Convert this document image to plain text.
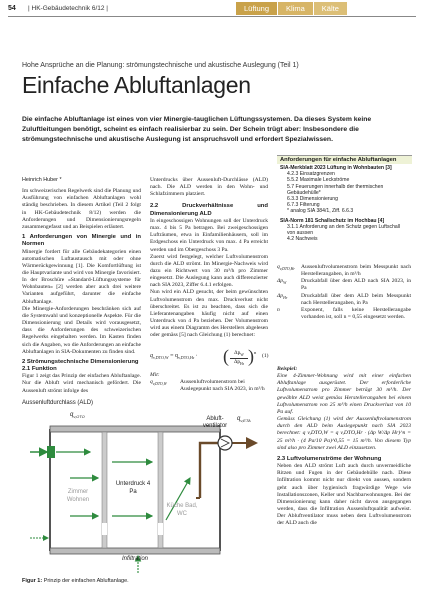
54 | HK-Gebäudetechnik 6/12 |	Lüftung	Klima	Kälte
Hohe Ansprüche an die Planung: strömungstechnische und akustische Auslegung (Teil 1)
Einfache Abluftanlagen
Die einfache Abluftanlage ist eines von vier Minergie-tauglichen Lüftungssystemen. Da dieses System keine Zuluftleitungen benötigt, scheint es einfach realisierbar zu sein. Der Schein trügt aber: Insbesondere die strömungstechnische und akustische Auslegung ist anspruchsvoll und erfordert Spezialwissen.
Heinrich Huber *

Im schweizerischen Regelwerk sind die Planung und Ausführung von einfachen Abluftanlagen wohl ständig beschrieben. In diesem Artikel (Teil 2 folgt in HK-Gebäudetechnik 8/12) werden die Anforderungen und Dimensionierungsregeln zusammengefasst und an Beispielen erläutert.

1 Anforderungen von Minergie und in Normen

Minergie fordert für alle Gebäudekategorien einen automatischen Luftaustausch mit oder ohne Wärmerückgewinnung [1]. Die Komfortlüftung ist die Hauptvariante und wird von Minergie favorisiert. In der Broschüre «Standard-Lüftungssysteme für Wohnbauten» [2] werden aber auch drei weitere Varianten aufgeführt, darunter die einfache Abluftanlage.

Die Minergie-Anforderungen beschränken sich auf die Systemwahl und konzeptionelle Aspekte. Für die Dimensionierung und Details wird vorausgesetzt, dass die Anforderungen des schweizerischen Regelwerks eingehalten werden. Im Kasten finden sich die Angaben, wo die Anforderungen an einfache Abluftanlagen in SIA-Dokumenten zu finden sind.

2 Strömungstechnische Dimensionierung
2.1 Funktion

Figur 1 zeigt das Prinzip der einfachen Abluftanlage. Nur die Abluft wird mechanisch gefördert. Die Aussenluft strömt infolge des

Unterdrucks über Aussenluft-Durchlässe (ALD) nach. Die ALD werden in den Wohn- und Schlafzimmern platziert.

2.2 Druckverhältnisse und Dimensionierung ALD

In eingeschossigen Wohnungen soll der Unterdruck max. 4 bis 5 Pa betragen. Bei zweigeschossigen Lufträumen, etwa in Einfamilienhäusern, soll im Erdgeschoss ein Unterdruck von max. 4 Pa erreicht werden und im Obergeschoss 3 Pa.

Zuerst wird festgelegt, welcher Luftvolumenstrom durch die ALD strömt. Im Minergie-Nachweis wird dazu ein Richtwert von 30 m³/h pro Zimmer eingesetzt. Die Auslegung kann auch differenzierter nach SIA 2023, Ziffer 6.4.1 erfolgen.

Nun wird ein ALD gesucht, der beim gewünschten Luftvolumenstrom den max. Druckverlust nicht überschreitet. Es ist zu beachten, dass sich die Lieferantenangaben häufig nicht auf einen Unterdruck von 4 Pa beziehen. Der Volumenstrom wird aus einem Diagramm des Herstellers abgelesen oder gemäss [5] nach Gleichung (1) berechnet:

$q_{v,DTO,W} = q_{v,DTO,Hr}$ · ( $\Delta p_W$
$\Delta p_{Hr}$ ) n
(1)
Mit:
$q_{v,DTO,W}$	Aussenluftvolumenstrom bei Auslegepunkt nach SIA 2023, in m³/h
Anforderungen für einfache Abluftanlagen
SIA-Merkblatt 2023 Lüftung in Wohnbauten [3]
4.2.3 Einsatzgrenzen
5.5.2 Maximale Leckströme
5.7 Feuerungen innerhalb der thermischen Gebäudehülle*
6.3.3 Dimensionierung
6.7.3 Filterung
* analog SIA 384/1, Ziff. 6.6.3
SIA-Norm 181 Schallschutz im Hochbau [4]
3.1.1 Anforderung an den Schutz gegen Luftschall von aussen
4.2 Nachweis
$q_{v,DTO,Hr}$	Aussenluftvolumenstrom beim Messpunkt nach Herstellerangaben, in m³/h
$\Delta p_W$	Druckabfall über dem ALD nach SIA 2023, in Pa
$\Delta p_{Hr}$	Druckabfall über dem ALD beim Messpunkt nach Herstellerangaben, in Pa
n	Exponent, falls keine Herstellerangabe vorhanden ist, soll n = 0,55 eingesetzt werden.

Beispiel:

Eine 4-Zimmer-Wohnung wird mit einer einfachen Abluftanlage ausgerüstet. Der erforderliche Luftvolumenstrom pro Zimmer beträgt 30 m³/h. Der gewählte ALD weist gemäss Herstellerangaben bei einem Luftvolumenstrom von 25 m³/h einen Druckverlust von 10 Pa auf.

Gemäss Gleichung (1) wird der Aussenluftvolumenstrom durch den ALD beim Auslegepunkt nach SIA 2023 berechnet: q v,DTO,W = q v,DTO,Hr · (Δp W/Δp Hr)^n = 25 m³/h · (4 Pa/10 Pa)^0,55 = 15 m³/h. Von diesem Typ sind also pro Zimmer zwei ALD einzusetzen.

2.3 Luftvolumenströme der Wohnung

Neben den ALD strömt Luft auch durch unvermeidliche Ritzen und Fugen in der Gebäudehülle nach. Diese Infiltration kommt nicht nur direkt von aussen, sondern geht auch über hygienisch fragwürdige Wege wie Installationszonen, Keller und Nachbarwohnungen. Bei der Dimensionierung kann daher nicht davon ausgegangen werden, dass die Infiltration Aussenluftqualität aufweist. Der Abluftventilator muss neben dem Luftvolumenstrom der ALD auch die

Aussenluftdurchlass (ALD)
$q_{v,OTO}$	$q_{v,ETA}$
Abluft-ventilator
Zimmer Wohnen
Unterdruck 4 Pa
Küche Bad, WC
Infiltration
Figur 1: Prinzip der einfachen Abluftanlage.
